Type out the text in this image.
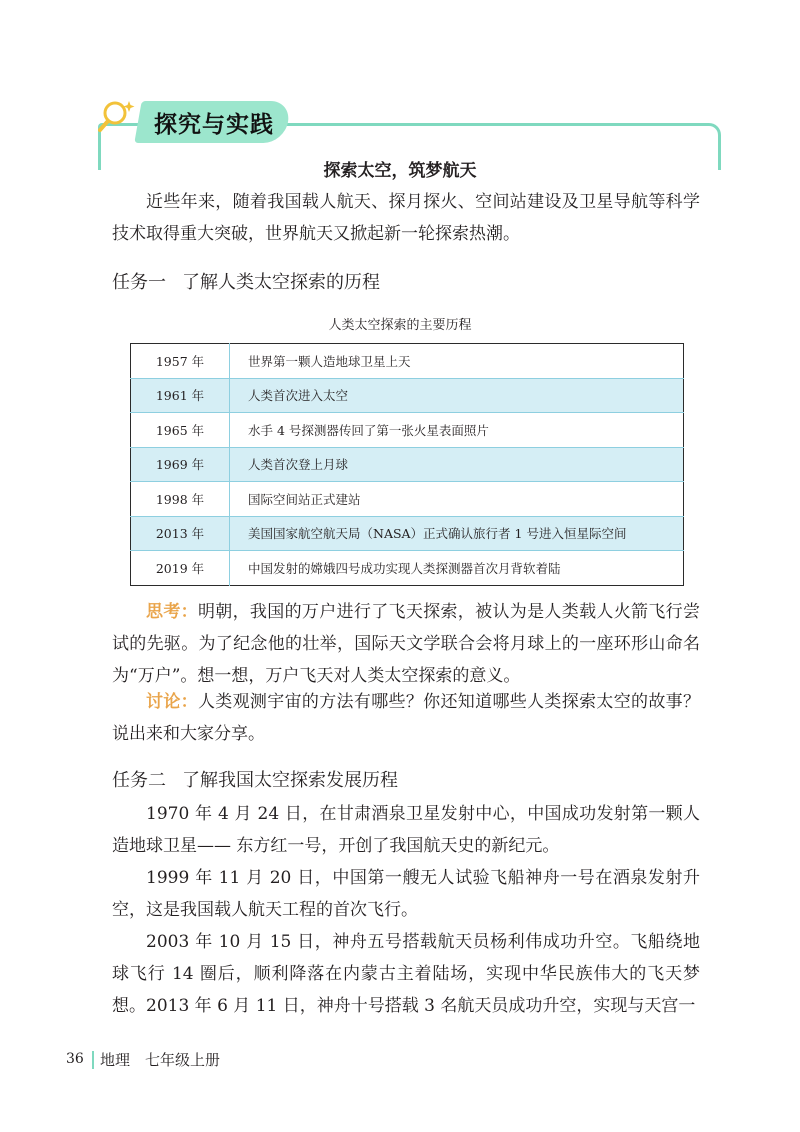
探究与实践
探索太空，筑梦航天
近些年来，随着我国载人航天、探月探火、空间站建设及卫星导航等科学技术取得重大突破，世界航天又掀起新一轮探索热潮。
任务一 了解人类太空探索的历程
人类太空探索的主要历程
1957 年	世界第一颗人造地球卫星上天
1961 年	人类首次进入太空
1965 年	水手 4 号探测器传回了第一张火星表面照片
1969 年	人类首次登上月球
1998 年	国际空间站正式建站
2013 年	美国国家航空航天局（NASA）正式确认旅行者 1 号进入恒星际空间
2019 年	中国发射的嫦娥四号成功实现人类探测器首次月背软着陆
思考：明朝，我国的万户进行了飞天探索，被认为是人类载人火箭飞行尝试的先驱。为了纪念他的壮举，国际天文学联合会将月球上的一座环形山命名为“万户”。想一想，万户飞天对人类太空探索的意义。
讨论：人类观测宇宙的方法有哪些？你还知道哪些人类探索太空的故事？说出来和大家分享。
任务二 了解我国太空探索发展历程
1970 年 4 月 24 日，在甘肃酒泉卫星发射中心，中国成功发射第一颗人造地球卫星—— 东方红一号，开创了我国航天史的新纪元。
1999 年 11 月 20 日，中国第一艘无人试验飞船神舟一号在酒泉发射升空，这是我国载人航天工程的首次飞行。
2003 年 10 月 15 日，神舟五号搭载航天员杨利伟成功升空。飞船绕地球飞行 14 圈后，顺利降落在内蒙古主着陆场，实现中华民族伟大的飞天梦想。 2013 年 6 月 11 日，神舟十号搭载 3 名航天员成功升空，实现与天宫一
36 地理　七年级上册
